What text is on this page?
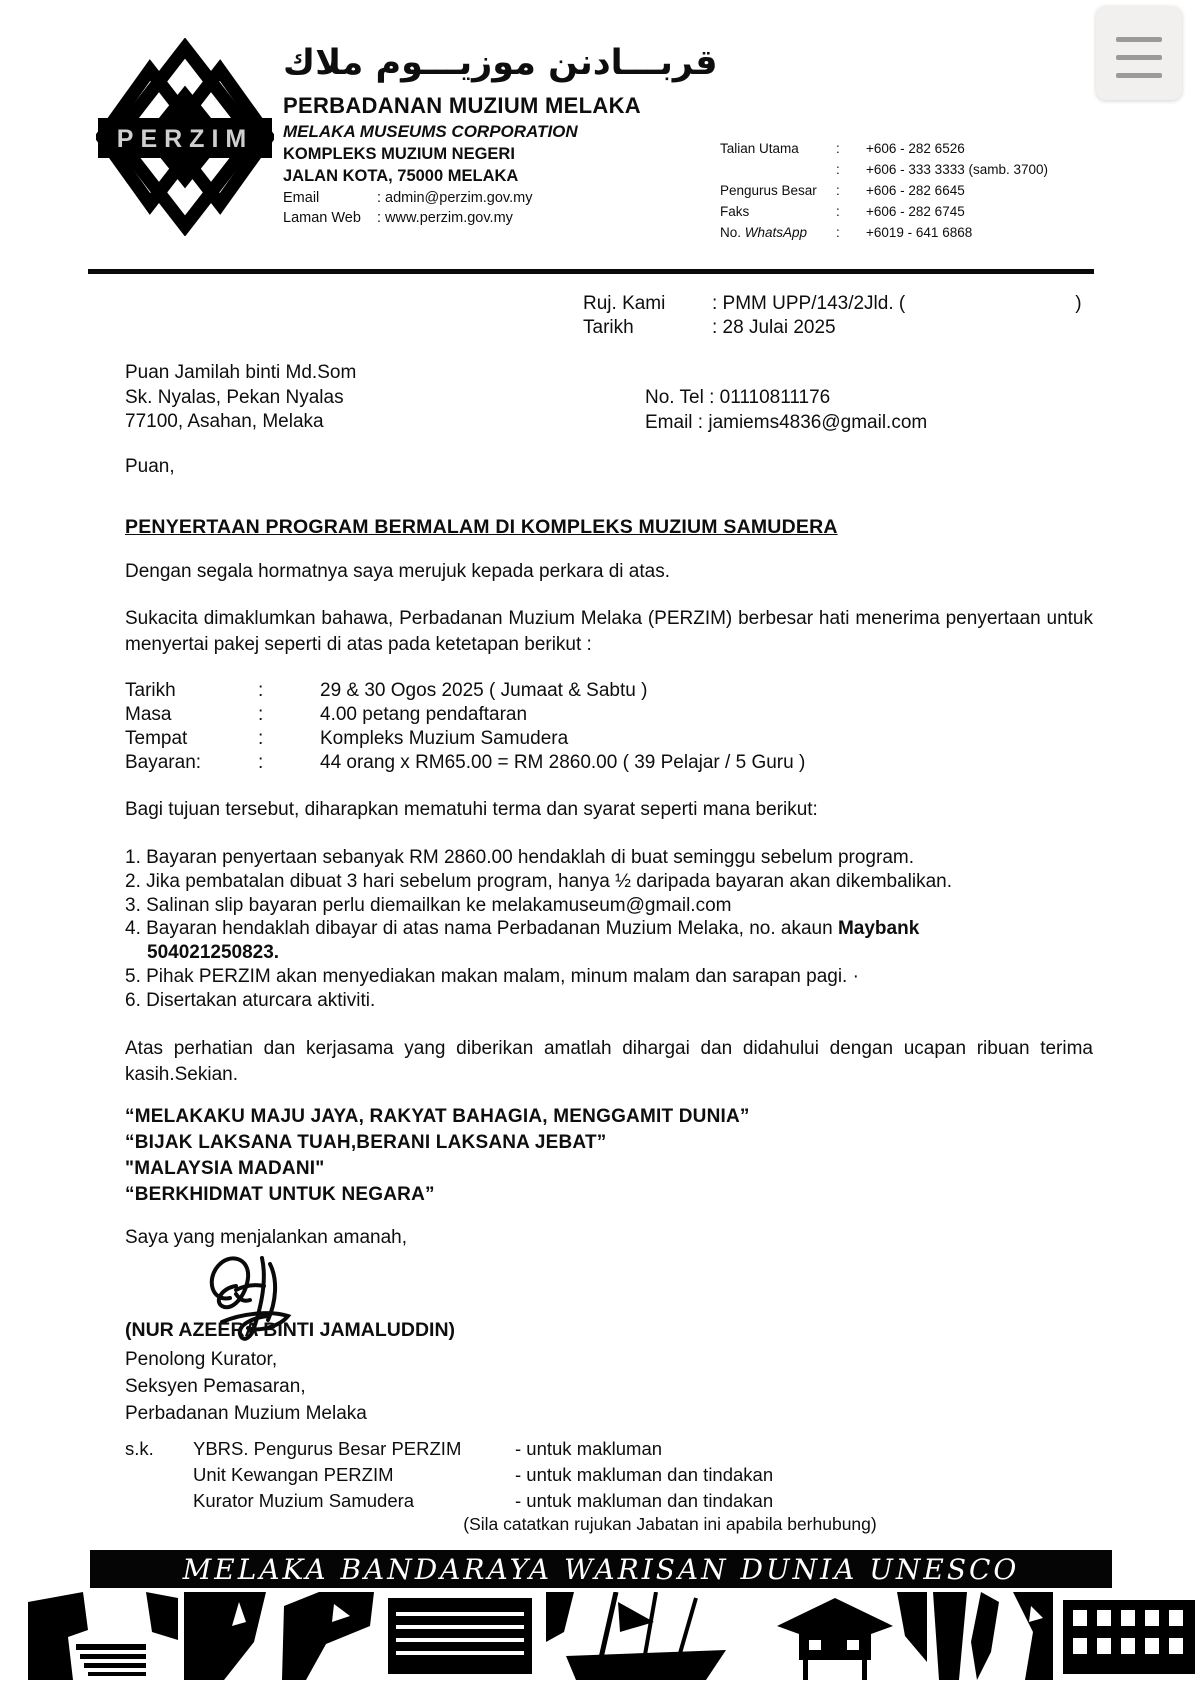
PERZIM
قربـــادنن موزيـــوم ملاك
PERBADANAN MUZIUM MELAKA
MELAKA MUSEUMS CORPORATION
KOMPLEKS MUZIUM NEGERI
JALAN KOTA, 75000 MELAKA
Email	: admin@perzim.gov.my
Laman Web	: www.perzim.gov.my
Talian Utama	:	+606 - 282 6526
:	+606 - 333 3333 (samb. 3700)
Pengurus Besar	:	+606 - 282 6645
Faks	:	+606 - 282 6745
No. WhatsApp	:	+6019 - 641 6868
Ruj. Kami	: PMM UPP/143/2Jld. (	)
Tarikh	: 28 Julai 2025
Puan Jamilah binti Md.Som
Sk. Nyalas, Pekan Nyalas
77100, Asahan, Melaka
No. Tel : 01110811176
Email : jamiems4836@gmail.com
Puan,
PENYERTAAN PROGRAM BERMALAM DI KOMPLEKS MUZIUM SAMUDERA
Dengan segala hormatnya saya merujuk kepada perkara di atas.
Sukacita dimaklumkan bahawa, Perbadanan Muzium Melaka (PERZIM) berbesar hati menerima penyertaan untuk menyertai pakej seperti di atas pada ketetapan berikut :
Tarikh	:	29 & 30 Ogos 2025 ( Jumaat & Sabtu )
Masa	:	4.00 petang pendaftaran
Tempat	:	Kompleks Muzium Samudera
Bayaran:	:	44 orang x RM65.00 = RM 2860.00 ( 39 Pelajar / 5 Guru )
Bagi tujuan tersebut, diharapkan mematuhi terma dan syarat seperti mana berikut:
1. Bayaran penyertaan sebanyak RM 2860.00 hendaklah di buat seminggu sebelum program.
2. Jika pembatalan dibuat 3 hari sebelum program, hanya ½ daripada bayaran akan dikembalikan.
3. Salinan slip bayaran perlu diemailkan ke melakamuseum@gmail.com
4. Bayaran hendaklah dibayar di atas nama Perbadanan Muzium Melaka, no. akaun Maybank
504021250823.
5. Pihak PERZIM akan menyediakan makan malam, minum malam dan sarapan pagi. ·
6. Disertakan aturcara aktiviti.
Atas perhatian dan kerjasama yang diberikan amatlah dihargai dan didahului dengan ucapan ribuan terima kasih.Sekian.
“MELAKAKU MAJU JAYA, RAKYAT BAHAGIA, MENGGAMIT DUNIA”
“BIJAK LAKSANA TUAH,BERANI LAKSANA JEBAT”
"MALAYSIA MADANI"
“BERKHIDMAT UNTUK NEGARA”
Saya yang menjalankan amanah,
(NUR AZEERA BINTI JAMALUDDIN)
Penolong Kurator,
Seksyen Pemasaran,
Perbadanan Muzium Melaka
s.k.	YBRS. Pengurus Besar PERZIM	- untuk makluman
Unit Kewangan PERZIM	- untuk makluman dan tindakan
Kurator Muzium Samudera	- untuk makluman dan tindakan
(Sila catatkan rujukan Jabatan ini apabila berhubung)
MELAKA BANDARAYA WARISAN DUNIA UNESCO
